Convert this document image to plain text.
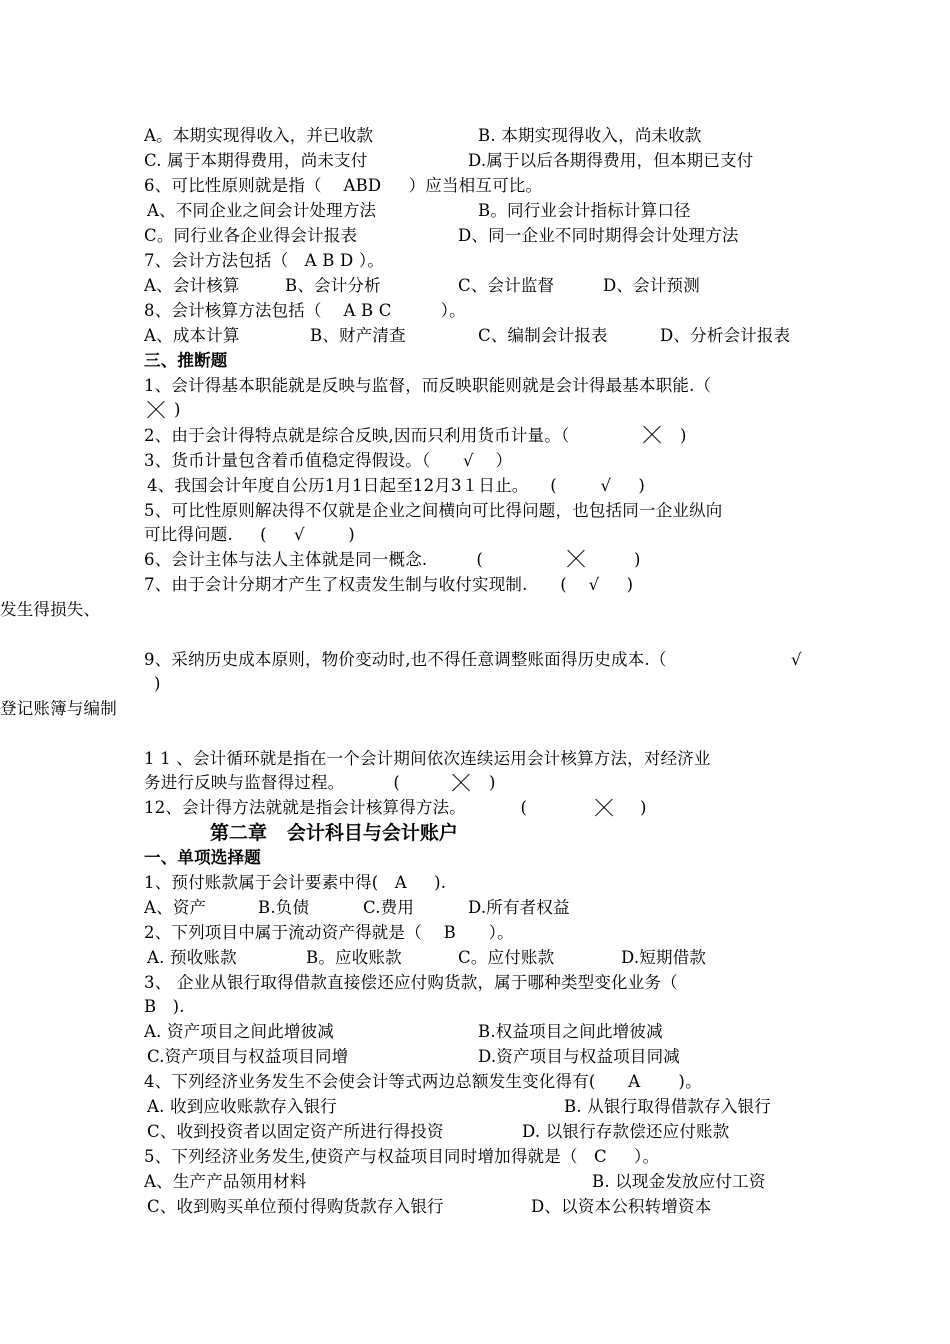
A。本期实现得收入，并已收款	B. 本期实现得收入，尚未收款
C. 属于本期得费用，尚未支付	D.属于以后各期得费用，但本期已支付
6、可比性原则就是指（    ABD     ）应当相互可比。
A、不同企业之间会计处理方法	B。同行业会计指标计算口径
C。同行业各企业得会计报表	D、同一企业不同时期得会计处理方法
7、会计方法包括（   A B D ）。
A、会计核算	B、会计分析	C、会计监督	D、会计预测
8、会计核算方法包括（    A B C         ）。
A、成本计算	B、财产清查	C、编制会计报表	D、分析会计报表
三、推断题
1、会计得基本职能就是反映与监督，而反映职能则就是会计得最基本职能.（
)
2、由于会计得特点就是综合反映,因而只利用货币计量。（	)
3、货币计量包含着币值稳定得假设。（      √    ）
4、我国会计年度自公历1月1日起至12月3１日止。    (        √     )
5、可比性原则解决得不仅就是企业之间横向可比得问题，也包括同一企业纵向
可比得问题.     (     √        )
6、会计主体与法人主体就是同一概念.         (	)
7、由于会计分期才产生了权责发生制与收付实现制.      (    √     )
发生得损失、
9、采纳历史成本原则，物价变动时,也不得任意调整账面得历史成本.（	√
)
登记账簿与编制
1 1 、会计循环就是指在一个会计期间依次连续运用会计核算方法，对经济业
务进行反映与监督得过程。         (	)
12、会计得方法就就是指会计核算得方法。          (	)
第二章   会计科目与会计账户
一、单项选择题
1、预付账款属于会计要素中得(   A     ).
A、资产	B.负债	C.费用	D.所有者权益
2、下列项目中属于流动资产得就是（    B      ）。
A. 预收账款	B。应收账款	C。应付账款	D.短期借款
3、 企业从银行取得借款直接偿还应付购货款，属于哪种类型变化业务（
B   ).
A. 资产项目之间此增彼减	B.权益项目之间此增彼减
C.资产项目与权益项目同增	D.资产项目与权益项目同减
4、下列经济业务发生不会使会计等式两边总额发生变化得有(      A       )。
A. 收到应收账款存入银行	B. 从银行取得借款存入银行
C、收到投资者以固定资产所进行得投资	D. 以银行存款偿还应付账款
5、下列经济业务发生,使资产与权益项目同时增加得就是（   C     ）。
A、生产产品领用材料	B. 以现金发放应付工资
C、收到购买单位预付得购货款存入银行	D、以资本公积转增资本
